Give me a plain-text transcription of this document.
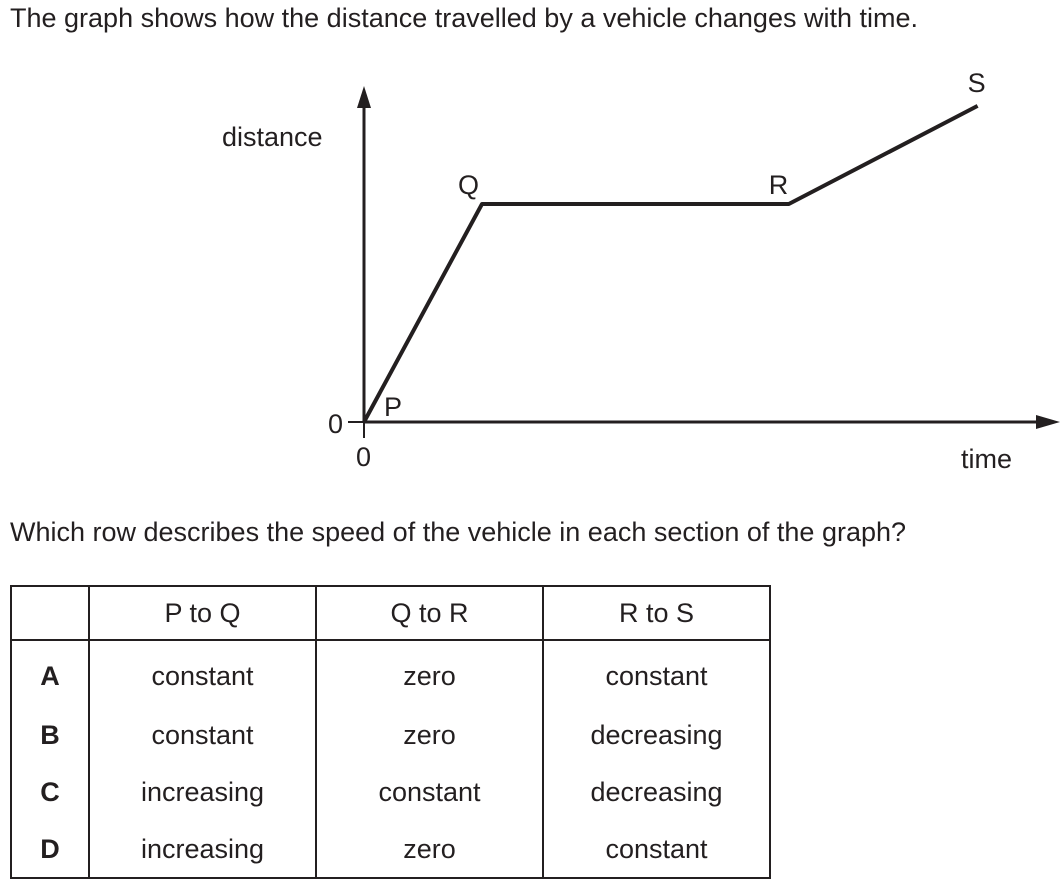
The graph shows how the distance travelled by a vehicle changes with time.
distance
time
0
0
P
Q	R
S
Which row describes the speed of the vehicle in each section of the graph?
	P to Q	Q to R	R to S
A	constant	zero	constant
B	constant	zero	decreasing
C	increasing	constant	decreasing
D	increasing	zero	constant
